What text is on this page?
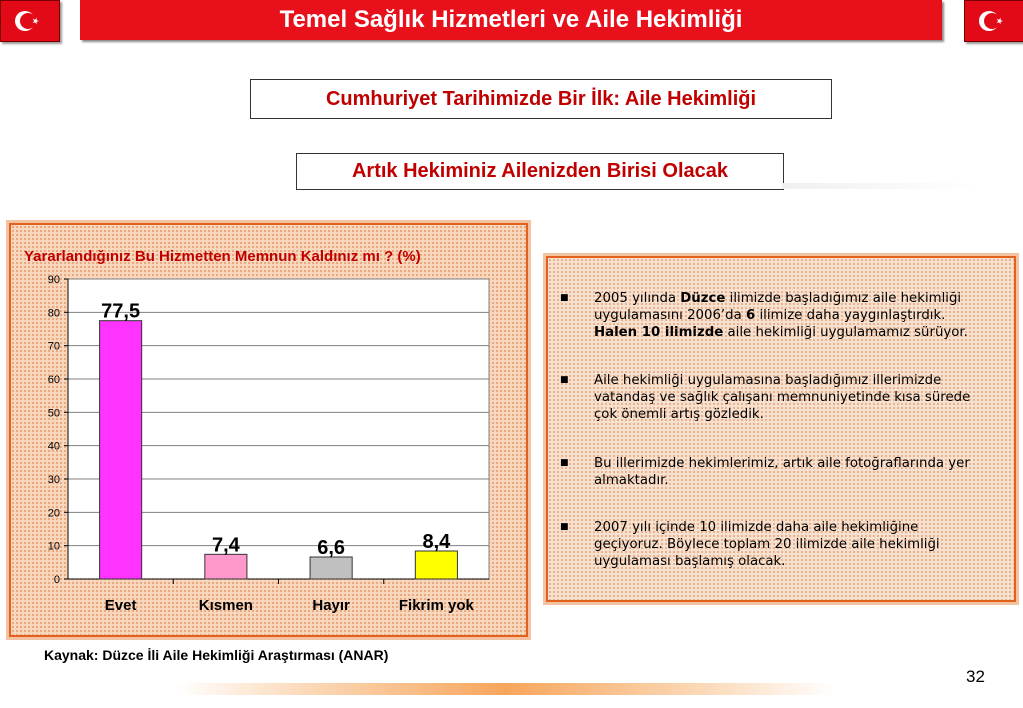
Temel Sağlık Hizmetleri ve Aile Hekimliği
Cumhuriyet Tarihimizde Bir İlk: Aile Hekimliği
Artık Hekiminiz Ailenizden Birisi Olacak
0
10
20
30
40
50
60
70
80
90
77,5
Evet
7,4
Kısmen
6,6
Hayır
8,4
Fikrim yok
Yararlandığınız Bu Hizmetten Memnun Kaldınız mı ? (%)
■ 2005 yılında Düzce ilimizde başladığımız aile hekimliği uygulamasını 2006’da 6 ilimize daha yaygınlaştırdık. Halen 10 ilimizde aile hekimliği uygulamamız sürüyor.
■ Aile hekimliği uygulamasına başladığımız illerimizde vatandaş ve sağlık çalışanı memnuniyetinde kısa sürede çok önemli artış gözledik.
■ Bu illerimizde hekimlerimiz, artık aile fotoğraflarında yer almaktadır.
■ 2007 yılı içinde 10 ilimizde daha aile hekimliğine geçiyoruz. Böylece toplam 20 ilimizde aile hekimliği uygulaması başlamış olacak.
Kaynak: Düzce İli Aile Hekimliği Araştırması (ANAR)
32
